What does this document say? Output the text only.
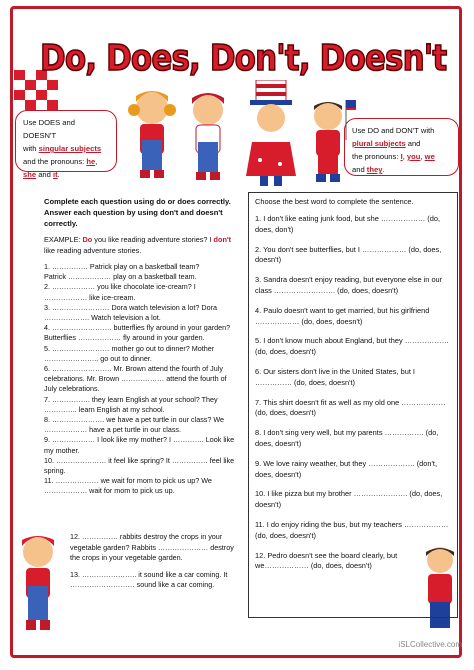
Do, Does, Don't, Doesn't
Use DOES and DOESN'T
with singular subjects
and the pronouns: he,
she and it.
Use DO and DON'T with
plural subjects and
the pronouns: I, you, we
and they.
Complete each question using do or does correctly. Answer each question by using don't and doesn't correctly.
EXAMPLE: Do you like reading adventure stories? I don't like reading adventure stories.

1. …………… Patrick play on a basketball team?

Patrick ……………… play on a basketball team.

2. ……………… you like chocolate ice-cream? I ……………… like ice-cream.

3. …………………… Dora watch television a lot? Dora ………………. Watch television a lot.

4. ……………………. butterflies fly around in your garden? Butterflies ……………… fly around in your garden.

5. …………………… mother go out to dinner? Mother ………………….. go out to dinner.

6. ……………………. Mr. Brown attend the fourth of July celebrations. Mr. Brown ……………… attend the fourth of July celebrations.

7. ……………. they learn English at your school? They ………….. learn English at my school.

8. …………………. we have a pet turtle in our class? We ……………… have a pet turtle in our class.

9. ……………… I look like my mother? I …………. Look like my mother.

10. ………………… it feel like spring? It …………… feel like spring.

11. ……………… we wait for mom to pick us up? We ……………… wait for mom to pick us up.

12. …………… rabbits destroy the crops in your vegetable garden? Rabbits ………………… destroy the crops in your vegetable garden.

13. ………………….. it sound like a car coming. It ……………………… sound like a car coming.

Choose the best word to complete the sentence.
1. I don't like eating junk food, but she ……………… (do, does, don't)
2. You don't see butterflies, but I ……………… (do, does, doesn't)
3. Sandra doesn't enjoy reading, but everyone else in our class ……………………. (do, does, doesn't)
4. Paulo doesn't want to get married, but his girlfriend ……………… (do, does, doesn't)
5. I don't know much about England, but they ……………… (do, does, doesn't)
6. Our sisters don't live in the United States, but I …………… (do, does, doesn't)
7. This shirt doesn't fit as well as my old one ……………… (do, does, doesn't)
8. I don't sing very well, but my parents ……………. (do, does, doesn't)
9. We love rainy weather, but they ………………. (don't, does, doesn't)
10. I like pizza but my brother …………………. (do, does, doesn't)
11. I do enjoy riding the bus, but my teachers ……………… (do, does, doesn't)
12. Pedro doesn't see the board clearly, but we……………… (do, does, doesn't)
iSLCollective.com
